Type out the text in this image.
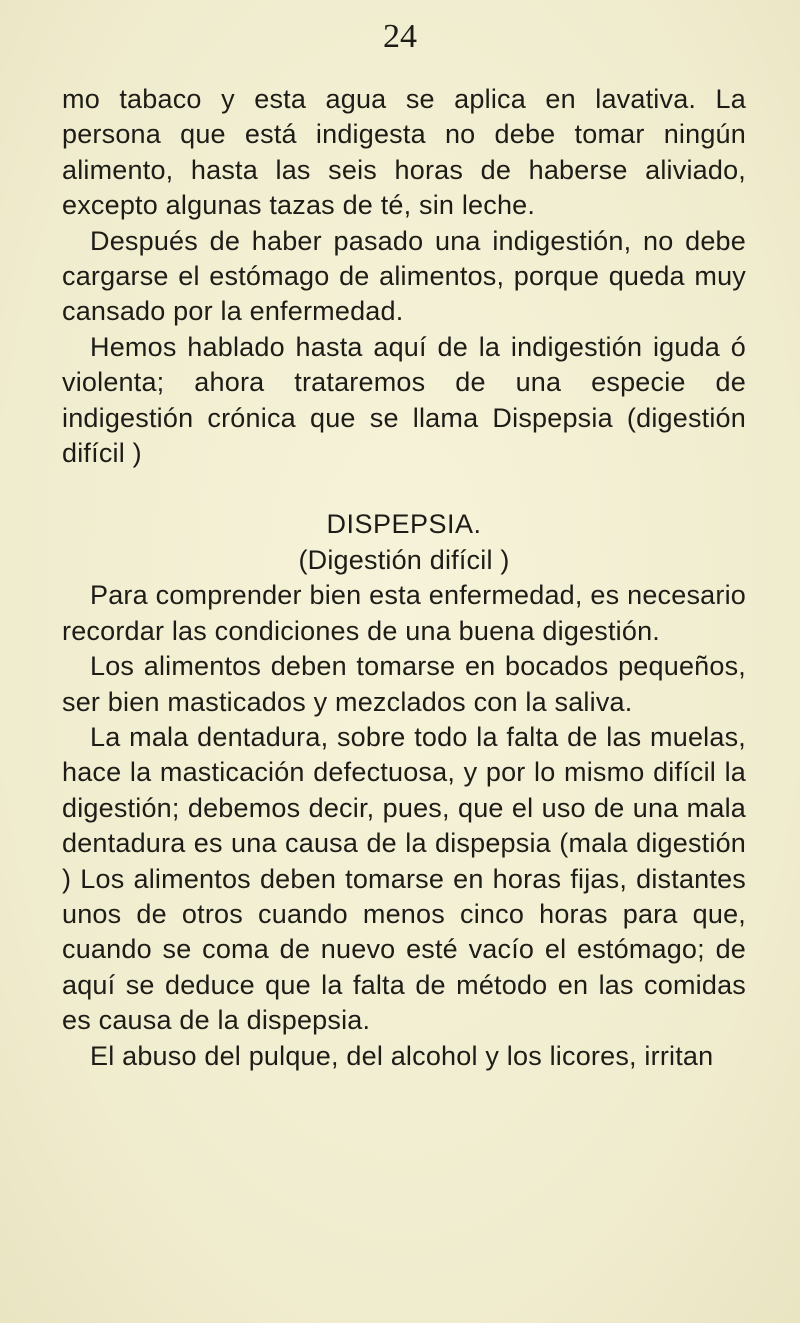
24

mo tabaco y esta agua se aplica en lavativa. La persona que está indigesta no debe tomar ningún alimento, hasta las seis horas de haberse aliviado, excepto algunas tazas de té, sin leche.

Después de haber pasado una indigestión, no debe cargarse el estómago de alimentos, porque queda muy cansado por la enfermedad.

Hemos hablado hasta aquí de la indigestión iguda ó violenta; ahora trataremos de una especie de indigestión crónica que se llama Dispepsia (digestión difícil )

DISPEPSIA.

(Digestión difícil )

Para comprender bien esta enfermedad, es necesario recordar las condiciones de una buena digestión.

Los alimentos deben tomarse en bocados pequeños, ser bien masticados y mezclados con la saliva.

La mala dentadura, sobre todo la falta de las muelas, hace la masticación defectuosa, y por lo mismo difícil la digestión; debemos decir, pues, que el uso de una mala dentadura es una causa de la dispepsia (mala digestión ) Los alimentos deben tomarse en horas fijas, distantes unos de otros cuando menos cinco horas para que, cuando se coma de nuevo esté vacío el estómago; de aquí se deduce que la falta de método en las comidas es causa de la dispepsia.

El abuso del pulque, del alcohol y los licores, irritan
